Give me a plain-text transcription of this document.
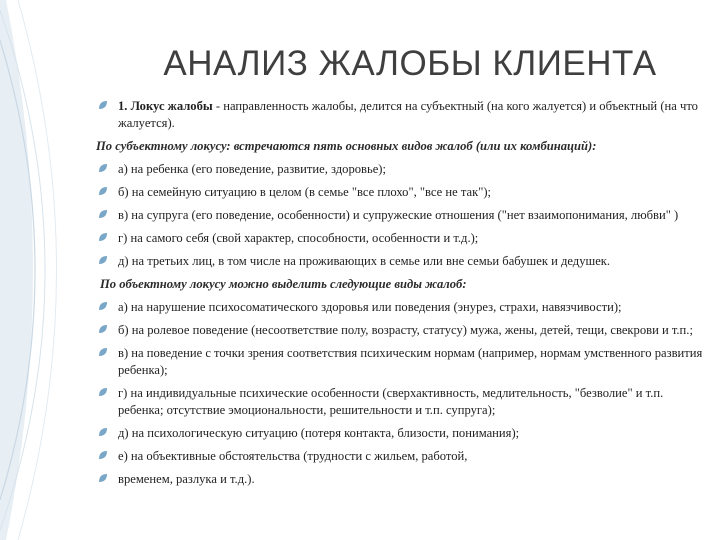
АНАЛИЗ ЖАЛОБЫ КЛИЕНТА
1. Локус жалобы - направленность жалобы, делится на субъектный (на кого жалуется) и объектный (на что жалуется).
По субъектному локусу: встречаются пять основных видов жалоб (или их комбинаций):
а) на ребенка (его поведение, развитие, здоровье);
б) на семейную ситуацию в целом (в семье "все плохо", "все не так");
в) на супруга (его поведение, особенности) и супружеские отношения ("нет взаимопонимания, любви" )
г) на самого себя (свой характер, способности, особенности и т.д.);
д) на третьих лиц, в том числе на проживающих в семье или вне семьи бабушек и дедушек.
По объектному локусу можно выделить следующие виды жалоб:
а) на нарушение психосоматического здоровья или поведения (энурез, страхи, навязчивости);
б) на ролевое поведение (несоответствие полу, возрасту, статусу) мужа, жены, детей, тещи, свекрови и т.п.;
в) на поведение с точки зрения соответствия психическим нормам (например, нормам умственного развития ребенка);
г) на индивидуальные психические особенности (сверхактивность, медлительность, "безволие" и т.п. ребенка; отсутствие эмоциональности, решительности и т.п. супруга);
д) на психологическую ситуацию (потеря контакта, близости, понимания);
е) на объективные обстоятельства (трудности с жильем, работой,
временем, разлука и т.д.).
